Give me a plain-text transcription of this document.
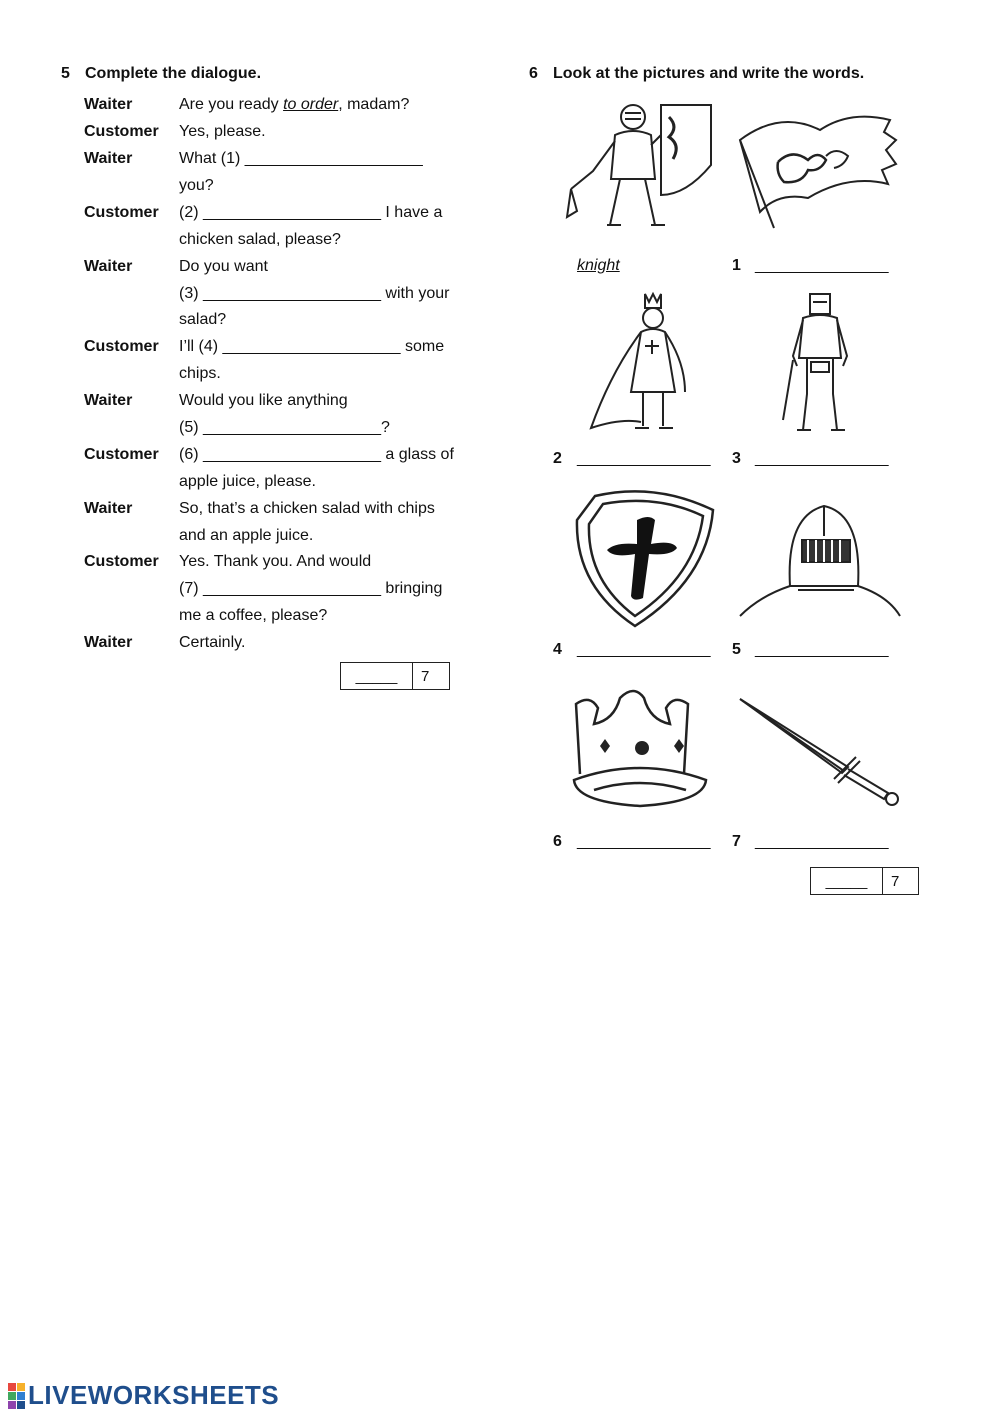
5 Complete the dialogue.
Waiter	Are you ready to order, madam?
Customer Yes, please.
Waiter	What (1) ____________________
you?
Customer (2) ____________________ I have a
chicken salad, please?
Waiter	Do you want
(3) ____________________ with your
salad?
Customer I’ll (4) ____________________ some
chips.
Waiter	Would you like anything
(5) ____________________?
Customer (6) ____________________ a glass of
apple juice, please.
Waiter	So, that’s a chicken salad with chips
and an apple juice.
Customer Yes. Thank you. And would
(7) ____________________ bringing
me a coffee, please?
Waiter	Certainly.
_____	7
6 Look at the pictures and write the words.
knight	1 _______________
2 _______________ 3 _______________
4 _______________ 5 _______________
6 _______________ 7 _______________
_____	7
LIVEWORKSHEETS
